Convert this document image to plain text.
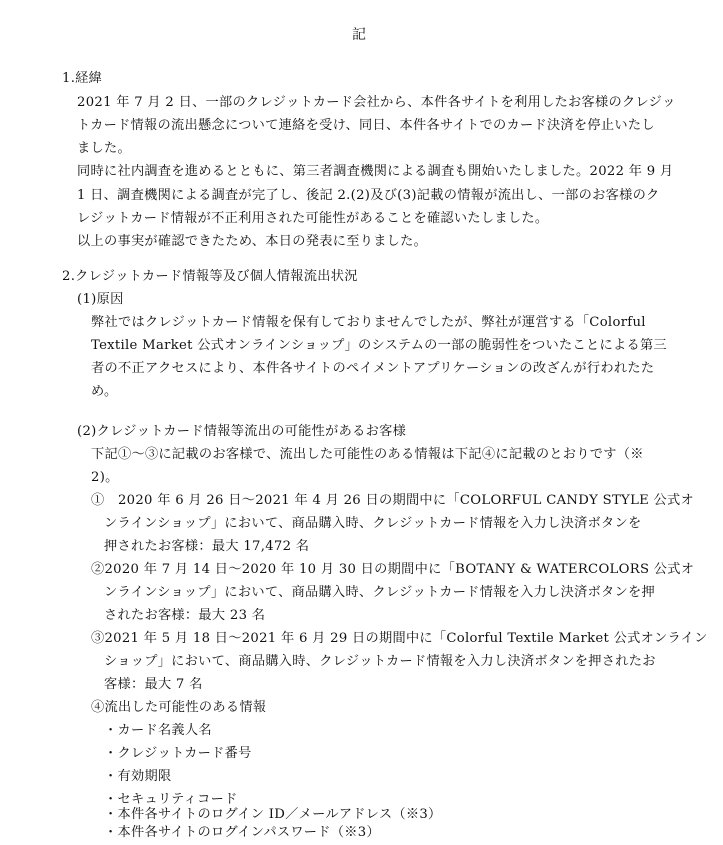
記
1.経緯
2021 年 7 月 2 日、一部のクレジットカード会社から、本件各サイトを利用したお客様のクレジッ
トカード情報の流出懸念について連絡を受け、同日、本件各サイトでのカード決済を停止いたし
ました。
同時に社内調査を進めるとともに、第三者調査機関による調査も開始いたしました。2022 年 9 月
1 日、調査機関による調査が完了し、後記 2.(2)及び(3)記載の情報が流出し、一部のお客様のク
レジットカード情報が不正利用された可能性があることを確認いたしました。
以上の事実が確認できたため、本日の発表に至りました。
2.クレジットカード情報等及び個人情報流出状況
(1)原因
弊社ではクレジットカード情報を保有しておりませんでしたが、弊社が運営する「Colorful
Textile Market 公式オンラインショップ」のシステムの一部の脆弱性をついたことによる第三
者の不正アクセスにより、本件各サイトのペイメントアプリケーションの改ざんが行われたた
め。
(2)クレジットカード情報等流出の可能性があるお客様
下記①～③に記載のお客様で、流出した可能性のある情報は下記④に記載のとおりです（※
2)。
①　2020 年 6 月 26 日～2021 年 4 月 26 日の期間中に「COLORFUL CANDY STYLE 公式オ
ンラインショップ」において、商品購入時、クレジットカード情報を入力し決済ボタンを
押されたお客様：最大 17,472 名
②2020 年 7 月 14 日～2020 年 10 月 30 日の期間中に「BOTANY & WATERCOLORS 公式オ
ンラインショップ」において、商品購入時、クレジットカード情報を入力し決済ボタンを押
されたお客様：最大 23 名
③2021 年 5 月 18 日～2021 年 6 月 29 日の期間中に「Colorful Textile Market 公式オンライン
ショップ」において、商品購入時、クレジットカード情報を入力し決済ボタンを押されたお
客様：最大 7 名
④流出した可能性のある情報
・カード名義人名
・クレジットカード番号
・有効期限
・セキュリティコード
・本件各サイトのログイン ID／メールアドレス（※3）
・本件各サイトのログインパスワード（※3）
